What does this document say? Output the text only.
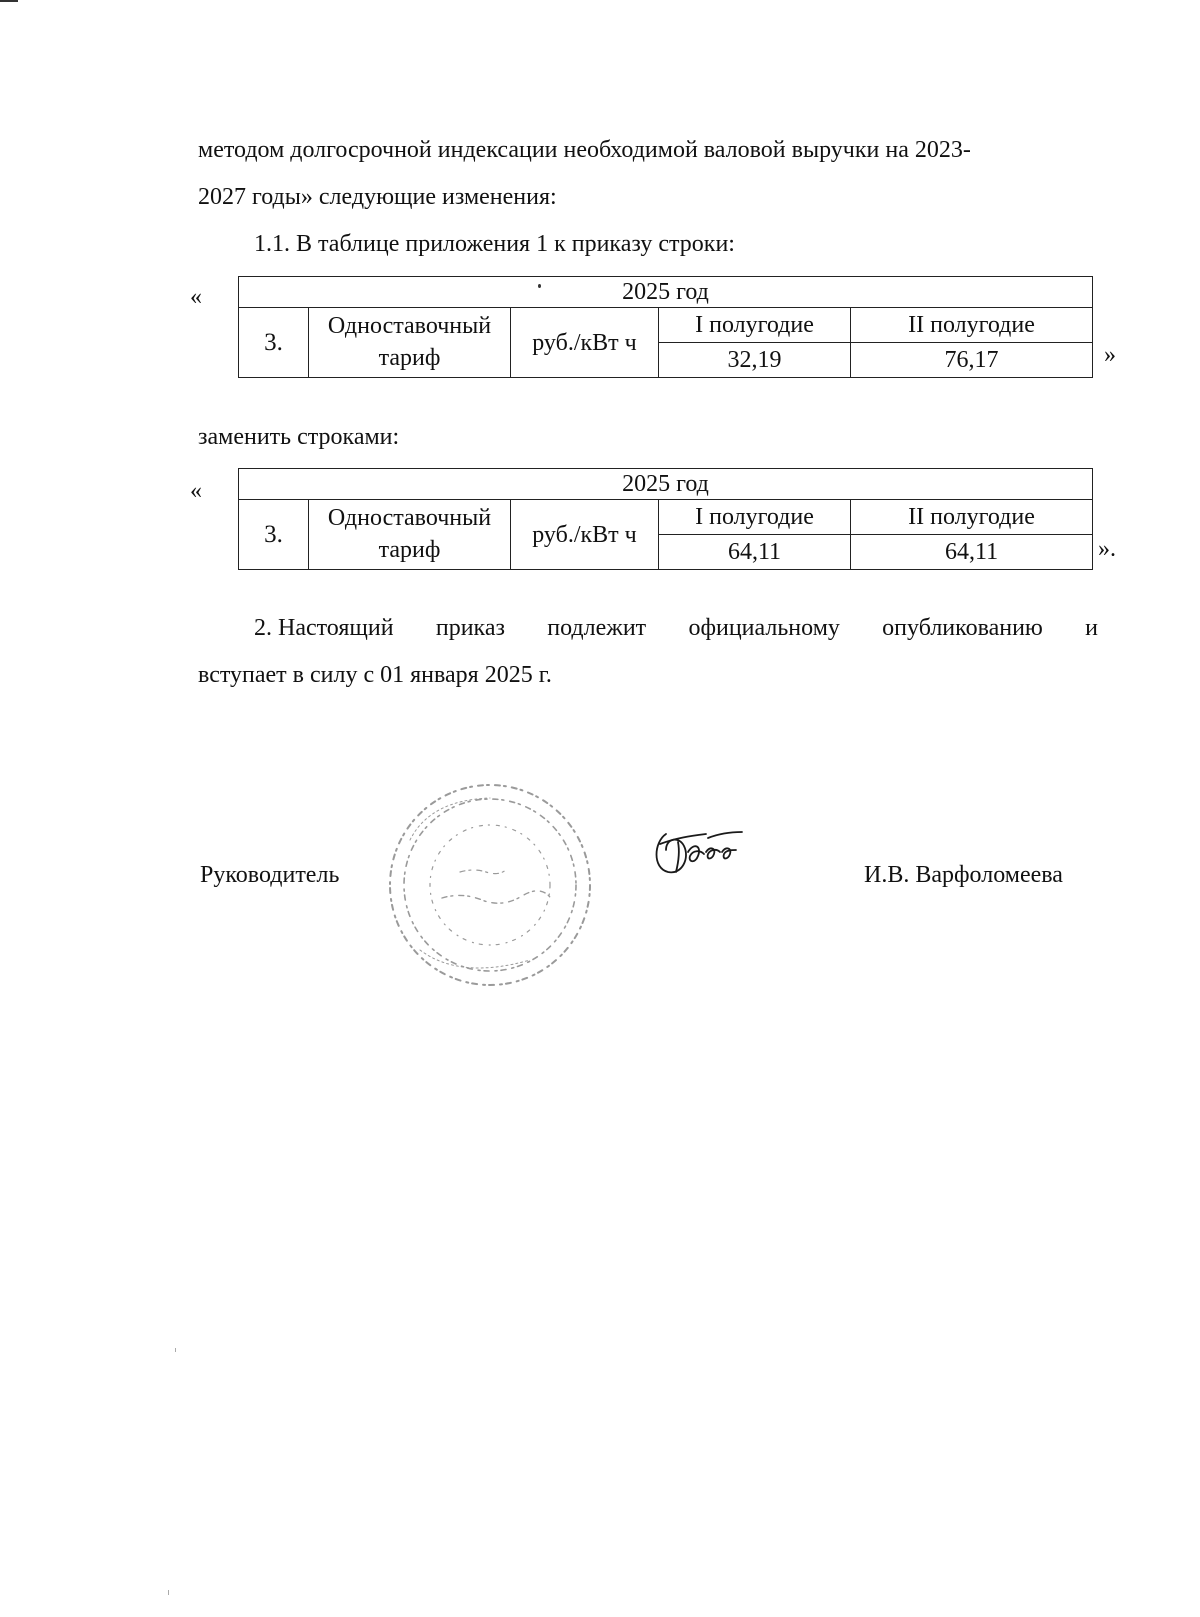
методом долгосрочной индексации необходимой валовой выручки на 2023-
2027 годы» следующие изменения:
1.1. В таблице приложения 1 к приказу строки:
«	2025 год				
3.	Одноставочный тариф	руб./кВт ч	I полугодие	II полугодие
			32,19	76,17	»
заменить строками:
«	2025 год				
3.	Одноставочный тариф	руб./кВт ч	I полугодие	II полугодие
			64,11	64,11	».
2. Настоящий приказ подлежит официальному опубликованию и
вступает в силу с 01 января 2025 г.
Руководитель	И.В. Варфоломеева
